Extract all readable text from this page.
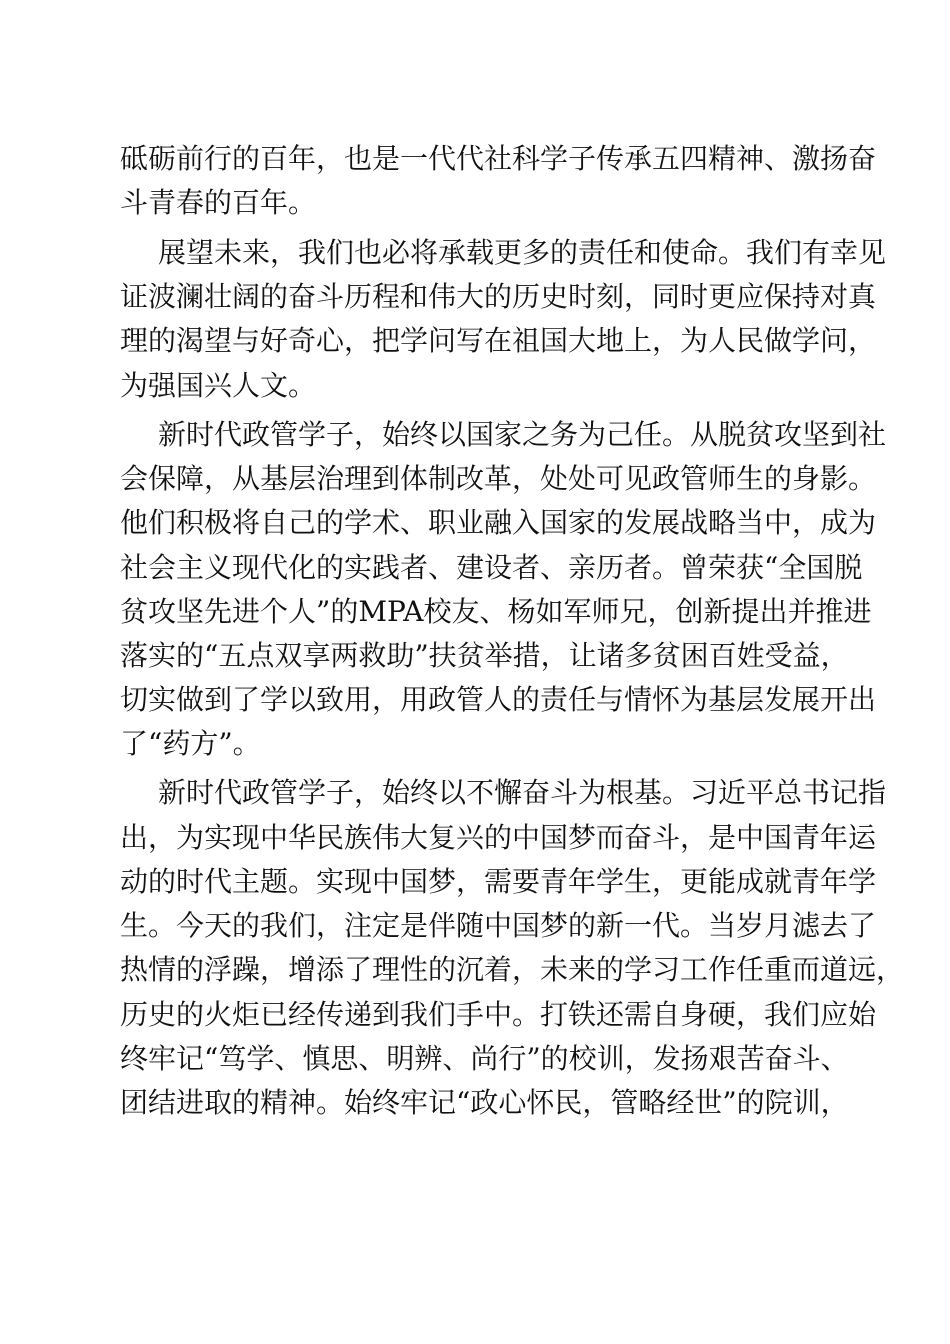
砥砺前行的百年，也是一代代社科学子传承五四精神、激扬奋
斗青春的百年。
展望未来，我们也必将承载更多的责任和使命。我们有幸见
证波澜壮阔的奋斗历程和伟大的历史时刻，同时更应保持对真
理的渴望与好奇心，把学问写在祖国大地上，为人民做学问，
为强国兴人文。
新时代政管学子，始终以国家之务为己任。从脱贫攻坚到社
会保障，从基层治理到体制改革，处处可见政管师生的身影。
他们积极将自己的学术、职业融入国家的发展战略当中，成为
社会主义现代化的实践者、建设者、亲历者。曾荣获“全国脱
贫攻坚先进个人”的MPA校友、杨如军师兄，创新提出并推进
落实的“五点双享两救助”扶贫举措，让诸多贫困百姓受益，
切实做到了学以致用，用政管人的责任与情怀为基层发展开出
了“药方”。
新时代政管学子，始终以不懈奋斗为根基。习近平总书记指
出，为实现中华民族伟大复兴的中国梦而奋斗，是中国青年运
动的时代主题。实现中国梦，需要青年学生，更能成就青年学
生。今天的我们，注定是伴随中国梦的新一代。当岁月滤去了
热情的浮躁，增添了理性的沉着，未来的学习工作任重而道远，
历史的火炬已经传递到我们手中。打铁还需自身硬，我们应始
终牢记“笃学、慎思、明辨、尚行”的校训，发扬艰苦奋斗、
团结进取的精神。始终牢记“政心怀民，管略经世”的院训，
